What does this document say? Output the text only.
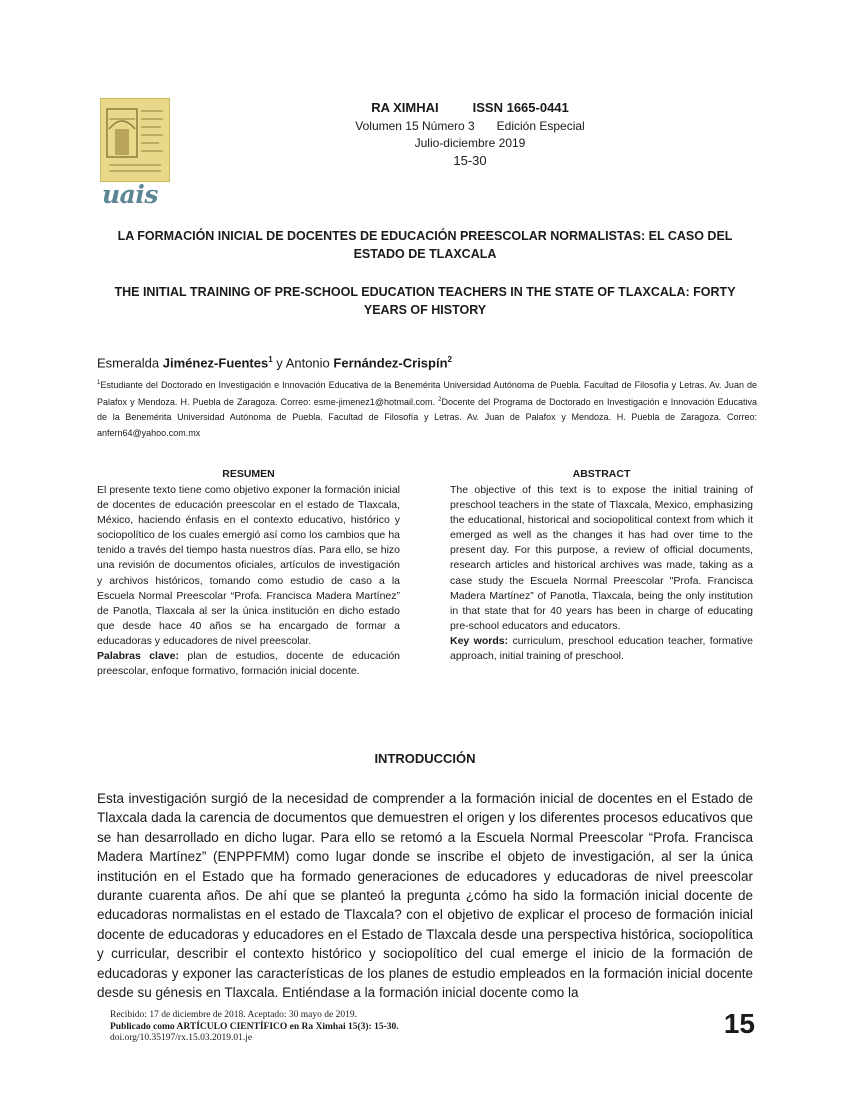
uais
RA XIMHAI	ISSN 1665-0441
Volumen 15 Número 3 Edición Especial
Julio-diciembre 2019
15-30
LA FORMACIÓN INICIAL DE DOCENTES DE EDUCACIÓN PREESCOLAR NORMALISTAS: EL CASO DEL ESTADO DE TLAXCALA
THE INITIAL TRAINING OF PRE-SCHOOL EDUCATION TEACHERS IN THE STATE OF TLAXCALA: FORTY YEARS OF HISTORY
Esmeralda Jiménez-Fuentes$^1$ y Antonio Fernández-Crispín$^2$
$^1$Estudiante del Doctorado en Investigación e Innovación Educativa de la Benemérita Universidad Autónoma de Puebla. Facultad de Filosofía y Letras. Av. Juan de Palafox y Mendoza. H. Puebla de Zaragoza. Correo: esme-jimenez1@hotmail.com. $^2$Docente del Programa de Doctorado en Investigación e Innovación Educativa de la Benemérita Universidad Autónoma de Puebla. Facultad de Filosofía y Letras. Av. Juan de Palafox y Mendoza. H. Puebla de Zaragoza. Correo: anfern64@yahoo.com.mx
RESUMEN

El presente texto tiene como objetivo exponer la formación inicial de docentes de educación preescolar en el estado de Tlaxcala, México, haciendo énfasis en el contexto educativo, histórico y sociopolítico de los cuales emergió así como los cambios que ha tenido a través del tiempo hasta nuestros días. Para ello, se hizo una revisión de documentos oficiales, artículos de investigación y archivos históricos, tomando como estudio de caso a la Escuela Normal Preescolar “Profa. Francisca Madera Martínez” de Panotla, Tlaxcala al ser la única institución en dicho estado que desde hace 40 años se ha encargado de formar a educadoras y educadores de nivel preescolar.

Palabras clave: plan de estudios, docente de educación preescolar, enfoque formativo, formación inicial docente.

ABSTRACT

The objective of this text is to expose the initial training of preschool teachers in the state of Tlaxcala, Mexico, emphasizing the educational, historical and sociopolitical context from which it emerged as well as the changes it has had over time to the present day. For this purpose, a review of official documents, research articles and historical archives was made, taking as a case study the Escuela Normal Preescolar "Profa. Francisca Madera Martínez” of Panotla, Tlaxcala, being the only institution in that state that for 40 years has been in charge of educating pre-school educators and educators.

Key words: curriculum, preschool education teacher, formative approach, initial training of preschool.

INTRODUCCIÓN
Esta investigación surgió de la necesidad de comprender a la formación inicial de docentes en el Estado de Tlaxcala dada la carencia de documentos que demuestren el origen y los diferentes procesos educativos que se han desarrollado en dicho lugar. Para ello se retomó a la Escuela Normal Preescolar “Profa. Francisca Madera Martínez” (ENPPFMM) como lugar donde se inscribe el objeto de investigación, al ser la única institución en el Estado que ha formado generaciones de educadores y educadoras de nivel preescolar durante cuarenta años. De ahí que se planteó la pregunta ¿cómo ha sido la formación inicial docente de educadoras normalistas en el estado de Tlaxcala? con el objetivo de explicar el proceso de formación inicial docente de educadoras y educadores en el Estado de Tlaxcala desde una perspectiva histórica, sociopolítica y curricular, describir el contexto histórico y sociopolítico del cual emerge el inicio de la formación de educadoras y exponer las características de los planes de estudio empleados en la formación inicial docente desde su génesis en Tlaxcala. Entiéndase a la formación inicial docente como la
Recibido: 17 de diciembre de 2018. Aceptado: 30 mayo de 2019.
Publicado como ARTÍCULO CIENTÍFICO en Ra Ximhai 15(3): 15-30.
doi.org/10.35197/rx.15.03.2019.01.je	15
